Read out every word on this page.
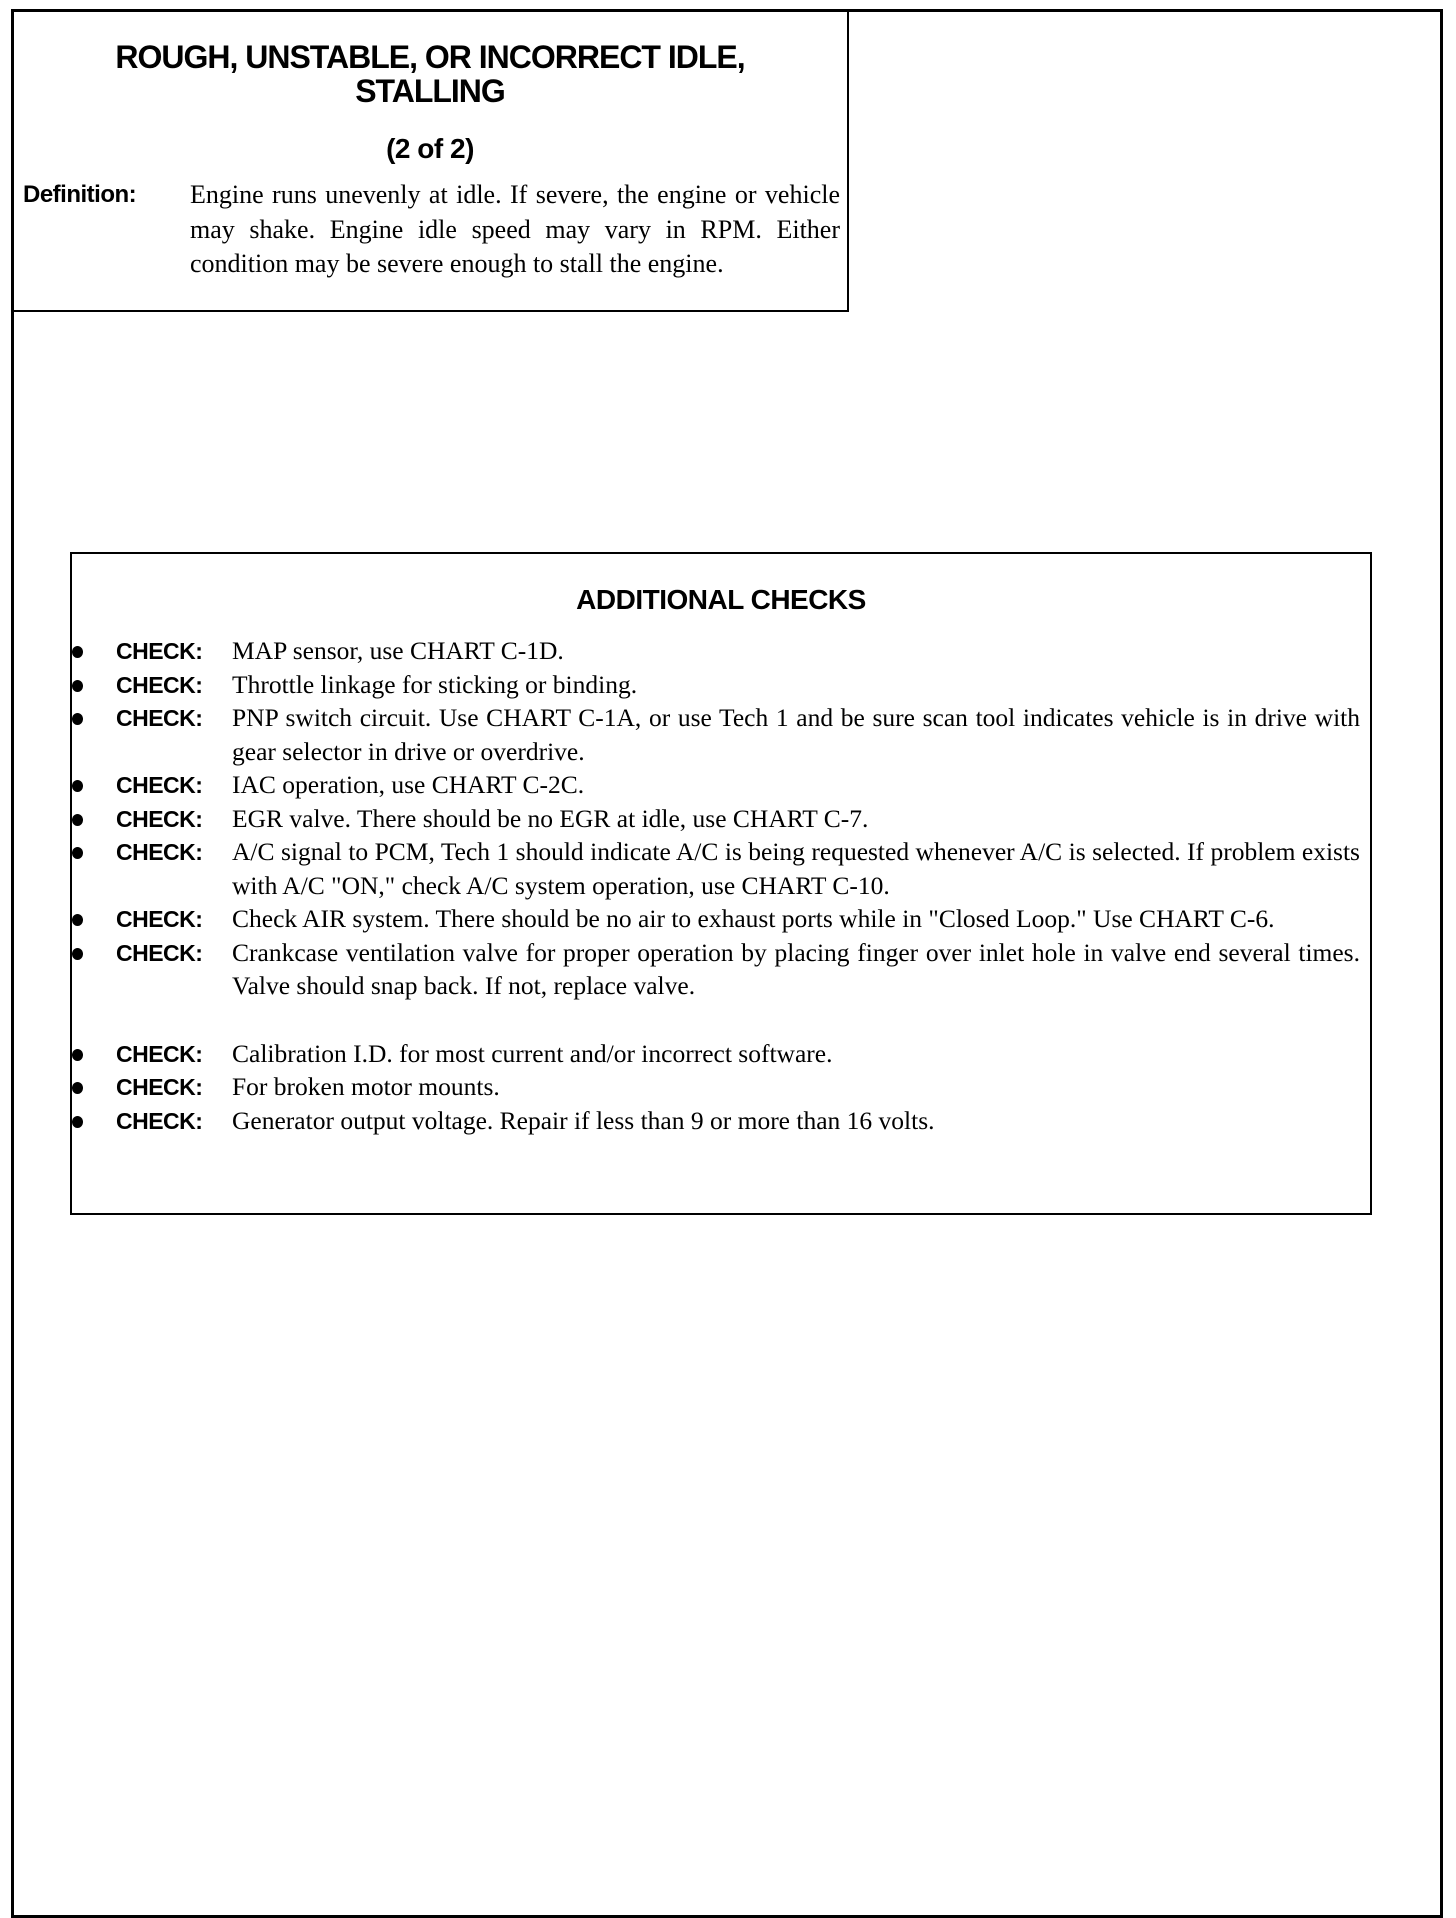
ROUGH, UNSTABLE, OR INCORRECT IDLE,
STALLING
(2 of 2)
Definition: Engine runs unevenly at idle. If severe, the engine or vehicle may shake. Engine idle speed may vary in RPM. Either condition may be severe enough to stall the engine.
ADDITIONAL CHECKS
CHECK: MAP sensor, use CHART C-1D.
CHECK: Throttle linkage for sticking or binding.
CHECK: PNP switch circuit. Use CHART C-1A, or use Tech 1 and be sure scan tool indicates vehicle is in drive with gear selector in drive or overdrive.
CHECK: IAC operation, use CHART C-2C.
CHECK: EGR valve. There should be no EGR at idle, use CHART C-7.
CHECK: A/C signal to PCM, Tech 1 should indicate A/C is being requested whenever A/C is selected. If problem exists with A/C "ON," check A/C system operation, use CHART C-10.
CHECK: Check AIR system. There should be no air to exhaust ports while in "Closed Loop." Use CHART C-6.
CHECK: Crankcase ventilation valve for proper operation by placing finger over inlet hole in valve end several times. Valve should snap back. If not, replace valve.
CHECK: Calibration I.D. for most current and/or incorrect software.
CHECK: For broken motor mounts.
CHECK: Generator output voltage. Repair if less than 9 or more than 16 volts.
